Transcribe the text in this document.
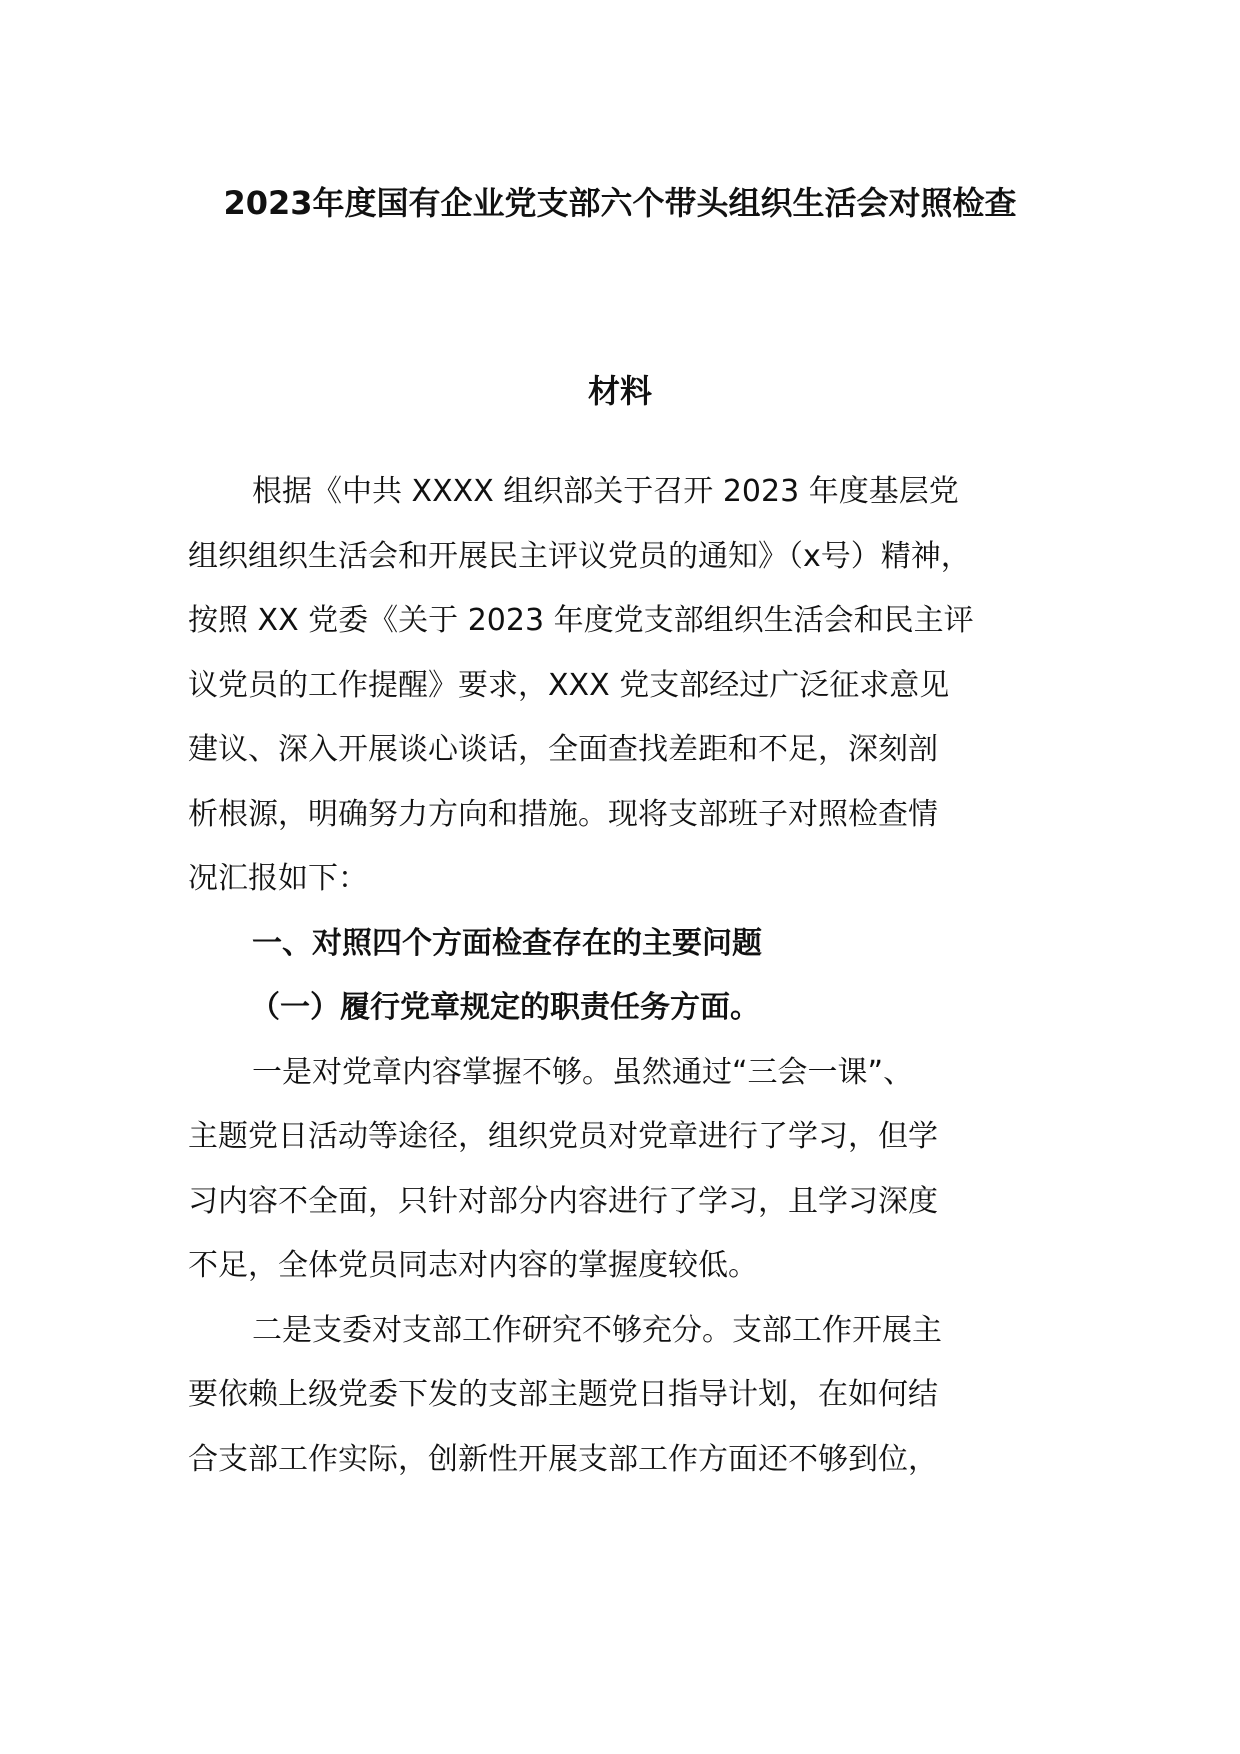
2023年度国有企业党支部六个带头组织生活会对照检查
材料

根据《中共 XXXX 组织部关于召开 2023 年度基层党

组织组织生活会和开展民主评议党员的通知》（x号）精神，

按照 XX 党委《关于 2023 年度党支部组织生活会和民主评

议党员的工作提醒》要求，XXX 党支部经过广泛征求意见

建议、深入开展谈心谈话，全面查找差距和不足，深刻剖

析根源，明确努力方向和措施。现将支部班子对照检查情

况汇报如下：

一、对照四个方面检查存在的主要问题

（一）履行党章规定的职责任务方面。

一是对党章内容掌握不够。虽然通过“三会一课”、

主题党日活动等途径，组织党员对党章进行了学习，但学

习内容不全面，只针对部分内容进行了学习，且学习深度

不足，全体党员同志对内容的掌握度较低。

二是支委对支部工作研究不够充分。支部工作开展主

要依赖上级党委下发的支部主题党日指导计划，在如何结

合支部工作实际，创新性开展支部工作方面还不够到位，
